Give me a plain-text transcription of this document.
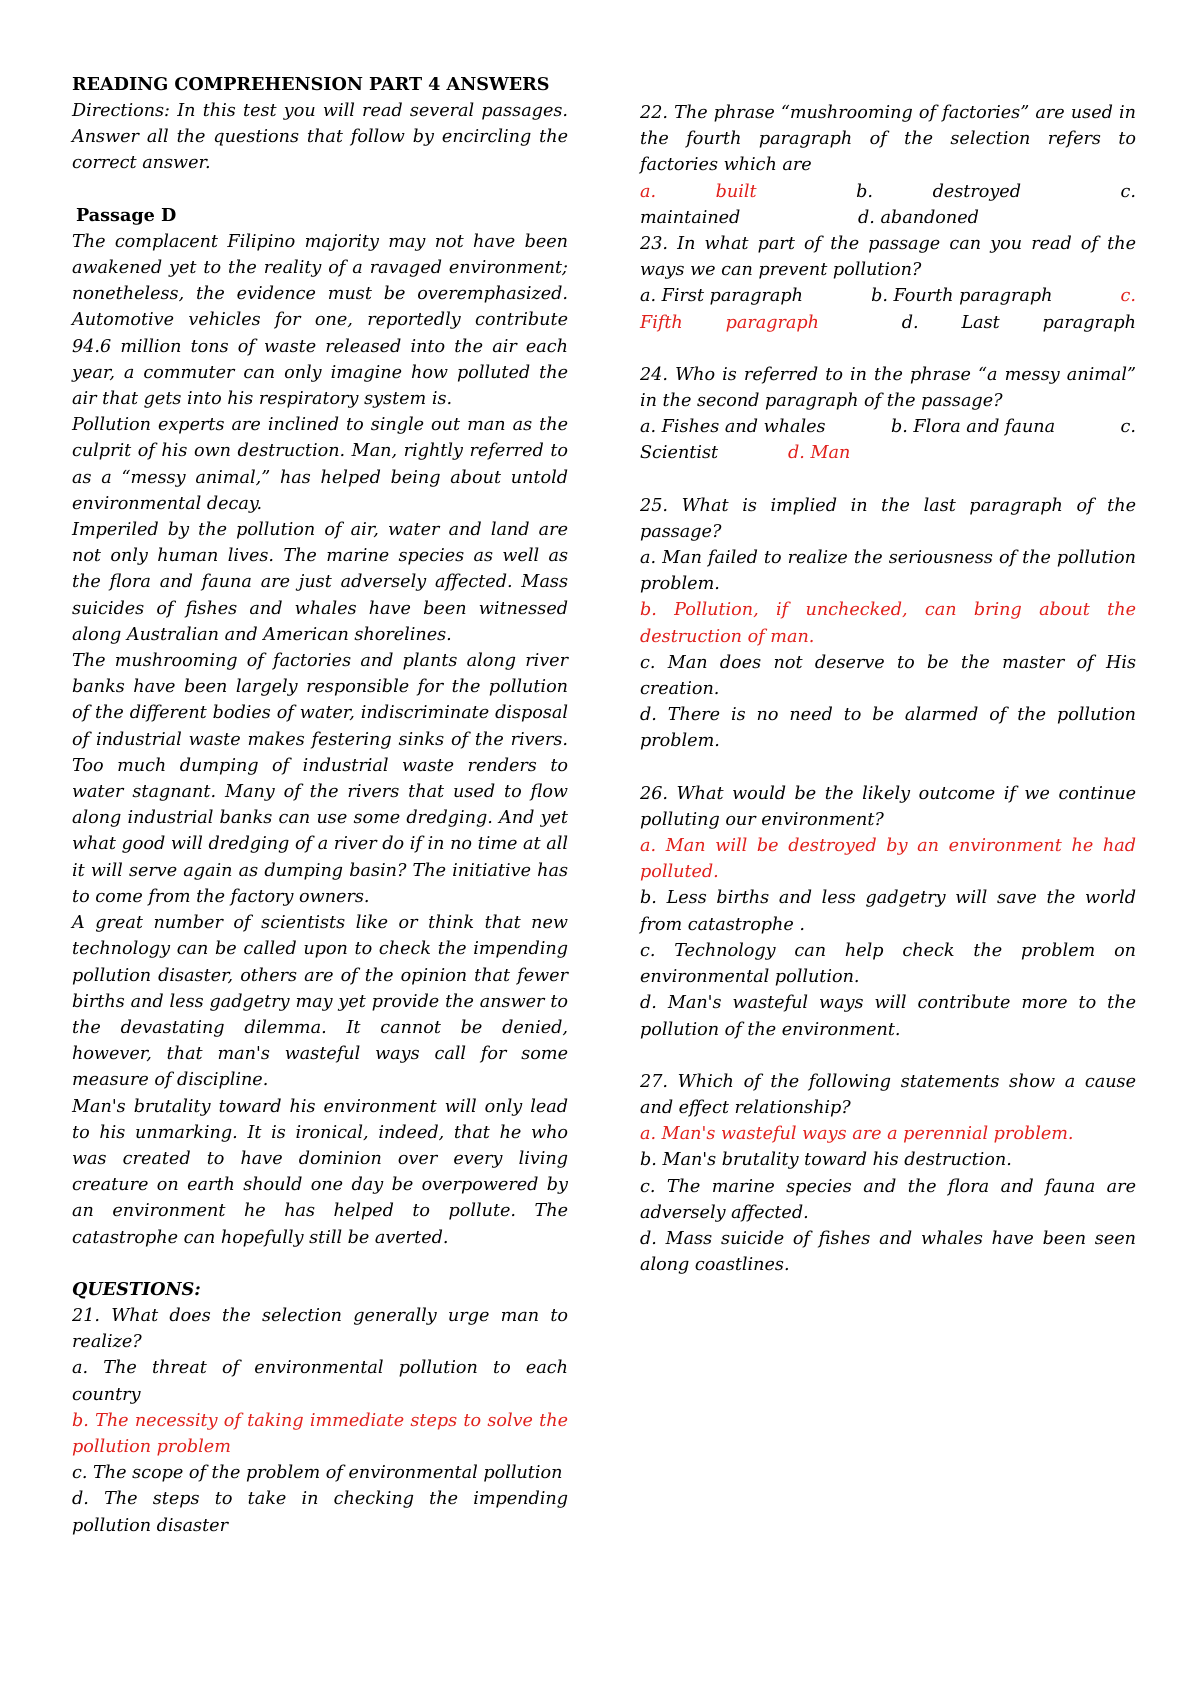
READING COMPREHENSION PART 4 ANSWERS

Directions: In this test you will read several passages. Answer all the questions that follow by encircling the correct answer.

Passage D

The complacent Filipino majority may not have been awakened yet to the reality of a ravaged environment; nonetheless, the evidence must be overemphasized. Automotive vehicles for one, reportedly contribute 94.6 million tons of waste released into the air each year, a commuter can only imagine how polluted the air that gets into his respiratory system is.

Pollution experts are inclined to single out man as the culprit of his own destruction. Man, rightly referred to as a “messy animal,” has helped being about untold environmental decay.

Imperiled by the pollution of air, water and land are not only human lives. The marine species as well as the flora and fauna are just adversely affected. Mass suicides of fishes and whales have been witnessed along Australian and American shorelines.

The mushrooming of factories and plants along river banks have been largely responsible for the pollution of the different bodies of water, indiscriminate disposal of industrial waste makes festering sinks of the rivers. Too much dumping of industrial waste renders to water stagnant. Many of the rivers that used to flow along industrial banks can use some dredging. And yet what good will dredging of a river do if in no time at all it will serve again as dumping basin? The initiative has to come from the factory owners.

A great number of scientists like or think that new technology can be called upon to check the impending pollution disaster, others are of the opinion that fewer births and less gadgetry may yet provide the answer to the devastating dilemma. It cannot be denied, however, that man's wasteful ways call for some measure of discipline.

Man's brutality toward his environment will only lead to his unmarking. It is ironical, indeed, that he who was created to have dominion over every living creature on earth should one day be overpowered by an environment he has helped to pollute. The catastrophe can hopefully still be averted.

QUESTIONS:

21. What does the selection generally urge man to realize?

a. The threat of environmental pollution to each country

b. The necessity of taking immediate steps to solve the pollution problem

c. The scope of the problem of environmental pollution

d. The steps to take in checking the impending pollution disaster

22. The phrase “mushrooming of factories” are used in the fourth paragraph of the selection refers to factories which are

a.	built	b.	destroyed	c.
maintained	d. abandoned

23. In what part of the passage can you read of the ways we can prevent pollution?

a. First paragraph	b. Fourth paragraph	c.
Fifth paragraph	d. Last paragraph

24. Who is referred to in the phrase “a messy animal” in the second paragraph of the passage?

a. Fishes and whales	b. Flora and fauna	c.
Scientist	d. Man

25. What is implied in the last paragraph of the passage?

a. Man failed to realize the seriousness of the pollution problem.

b. Pollution, if unchecked, can bring about the destruction of man.

c. Man does not deserve to be the master of His creation.

d. There is no need to be alarmed of the pollution problem.

26. What would be the likely outcome if we continue polluting our environment?

a. Man will be destroyed by an environment he had polluted.

b. Less births and less gadgetry will save the world from catastrophe .

c. Technology can help check the problem on environmental pollution.

d. Man's wasteful ways will contribute more to the pollution of the environment.

27. Which of the following statements show a cause and effect relationship?

a. Man's wasteful ways are a perennial problem.

b. Man's brutality toward his destruction.

c. The marine species and the flora and fauna are adversely affected.

d. Mass suicide of fishes and whales have been seen along coastlines.
